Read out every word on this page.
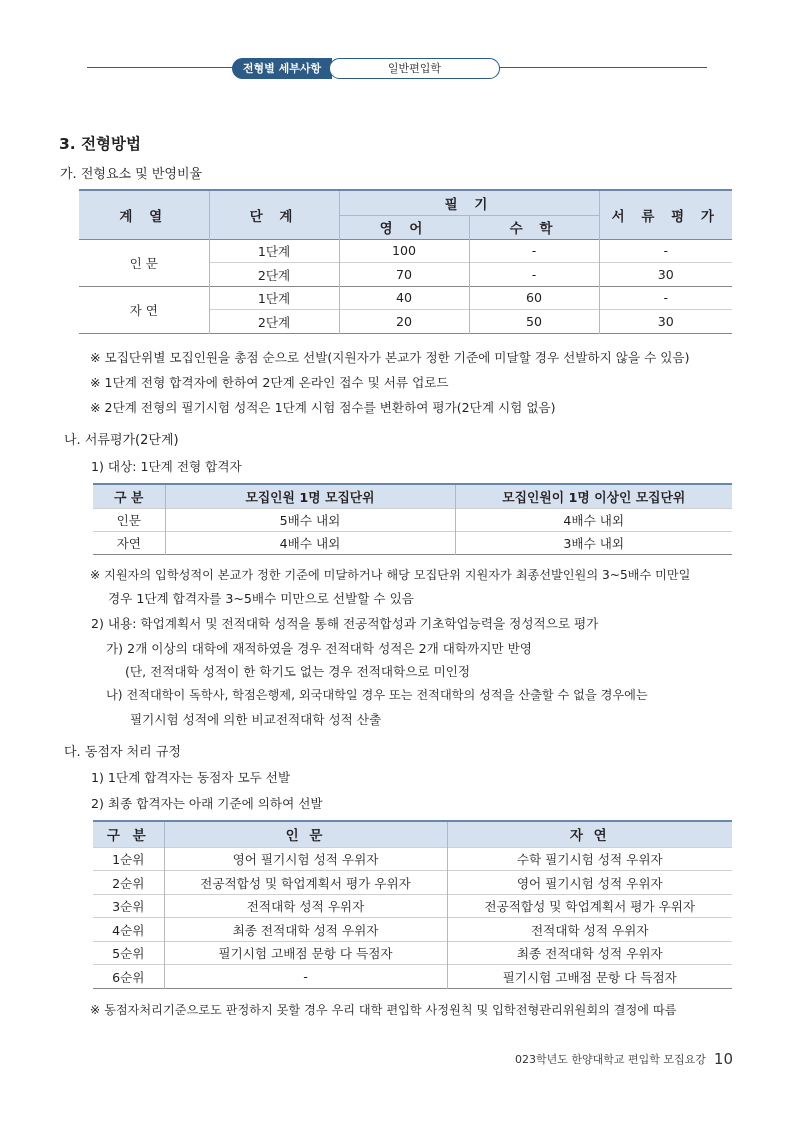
전형별 세부사항	일반편입학
3. 전형방법
가. 전형요소 및 반영비율
계 열	단 계	필 기		서 류 평 가
		영 어	수 학	
인 문	1단계	100	-	-
	2단계	70	-	30
자 연	1단계	40	60	-
	2단계	20	50	30
※ 모집단위별 모집인원을 총점 순으로 선발(지원자가 본교가 정한 기준에 미달할 경우 선발하지 않을 수 있음)
※ 1단계 전형 합격자에 한하여 2단계 온라인 접수 및 서류 업로드
※ 2단계 전형의 필기시험 성적은 1단계 시험 점수를 변환하여 평가(2단계 시험 없음)
나. 서류평가(2단계)
1) 대상: 1단계 전형 합격자
구 분	모집인원 1명 모집단위	모집인원이 1명 이상인 모집단위
인문	5배수 내외	4배수 내외
자연	4배수 내외	3배수 내외
※ 지원자의 입학성적이 본교가 정한 기준에 미달하거나 해당 모집단위 지원자가 최종선발인원의 3~5배수 미만일
경우 1단계 합격자를 3~5배수 미만으로 선발할 수 있음
2) 내용: 학업계획서 및 전적대학 성적을 통해 전공적합성과 기초학업능력을 정성적으로 평가
가) 2개 이상의 대학에 재적하였을 경우 전적대학 성적은 2개 대학까지만 반영
(단, 전적대학 성적이 한 학기도 없는 경우 전적대학으로 미인정
나) 전적대학이 독학사, 학점은행제, 외국대학일 경우 또는 전적대학의 성적을 산출할 수 없을 경우에는
필기시험 성적에 의한 비교전적대학 성적 산출
다. 동점자 처리 규정
1) 1단계 합격자는 동점자 모두 선발
2) 최종 합격자는 아래 기준에 의하여 선발
구 분	인 문	자 연
1순위	영어 필기시험 성적 우위자	수학 필기시험 성적 우위자
2순위	전공적합성 및 학업계획서 평가 우위자	영어 필기시험 성적 우위자
3순위	전적대학 성적 우위자	전공적합성 및 학업계획서 평가 우위자
4순위	최종 전적대학 성적 우위자	전적대학 성적 우위자
5순위	필기시험 고배점 문항 다 득점자	최종 전적대학 성적 우위자
6순위	-	필기시험 고배점 문항 다 득점자
※ 동점자처리기준으로도 판정하지 못할 경우 우리 대학 편입학 사정원칙 및 입학전형관리위원회의 결정에 따름
023학년도 한양대학교 편입학 모집요강 10
